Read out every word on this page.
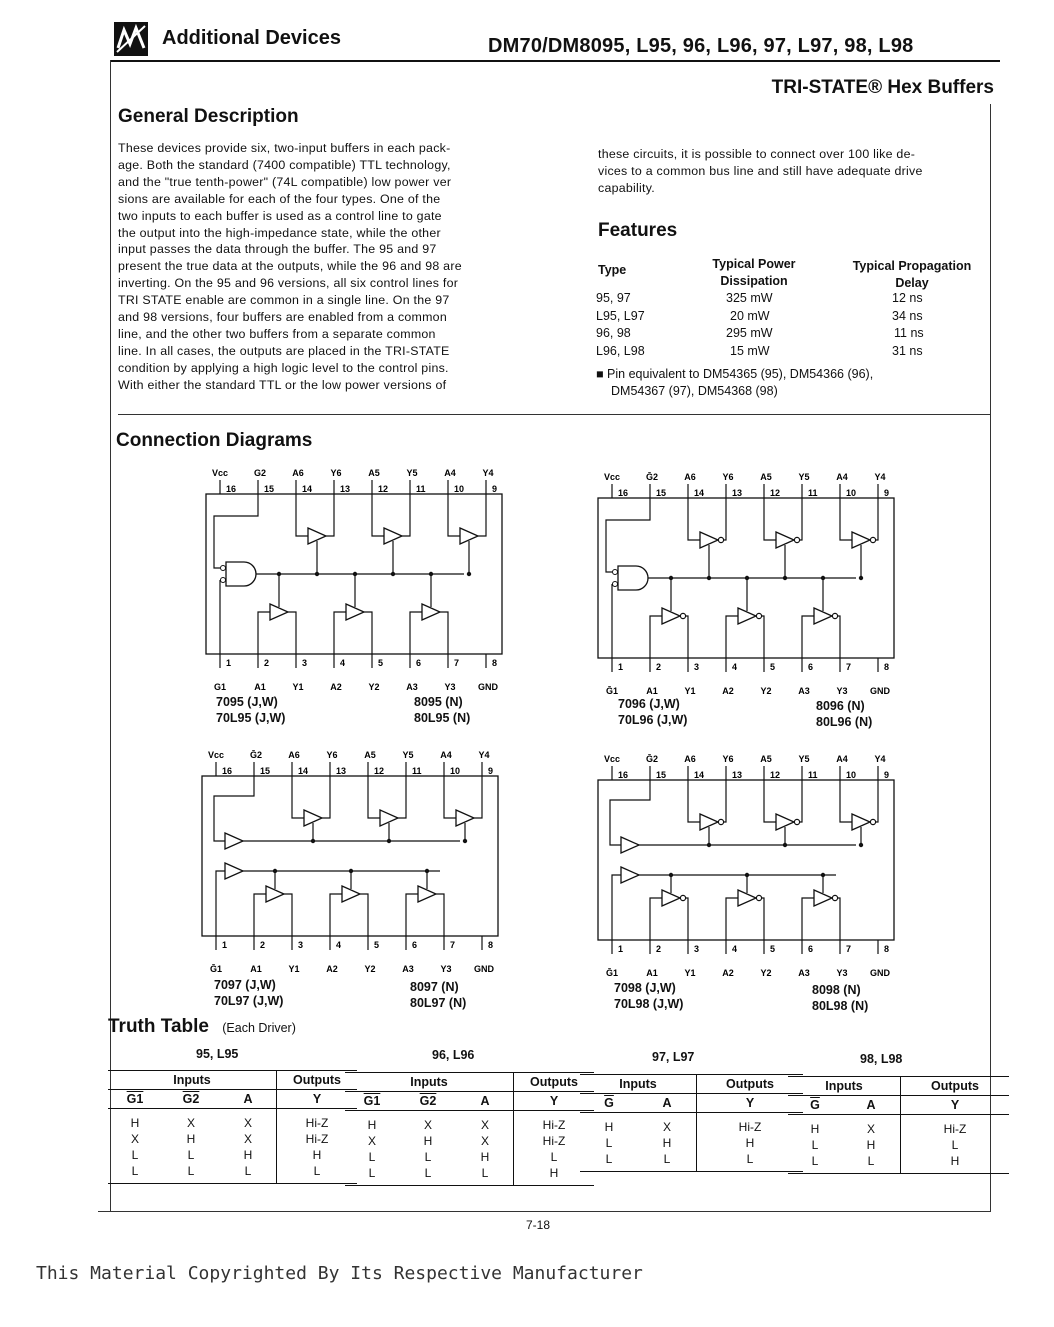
Additional Devices	DM70/DM8095, L95, 96, L96, 97, L97, 98, L98
TRI-STATE® Hex Buffers
General Description
These devices provide six, two-input buffers in each pack-
age. Both the standard (7400 compatible) TTL technology,
and the "true tenth-power" (74L compatible) low power ver
sions are available for each of the four types. One of the
two inputs to each buffer is used as a control line to gate
the output into the high-impedance state, while the other
input passes the data through the buffer. The 95 and 97
present the true data at the outputs, while the 96 and 98 are
inverting. On the 95 and 96 versions, all six control lines for
TRI STATE enable are common in a single line. On the 97
and 98 versions, four buffers are enabled from a common
line, and the other two buffers from a separate common
line. In all cases, the outputs are placed in the TRI-STATE
condition by applying a high logic level to the control pins.
With either the standard TTL or the low power versions of
these circuits, it is possible to connect over 100 like de-
vices to a common bus line and still have adequate drive
capability.
Features
Type	Typical Power
Dissipation
Typical Propagation
Delay
95, 97	325 mW	12 ns
L95, L97	20 mW	34 ns
96, 98	295 mW	11 ns
L96, L98	15 mW	31 ns
■ Pin equivalent to DM54365 (95), DM54366 (96),
DM54367 (97), DM54368 (98)
Connection Diagrams
Vcc
16
G2
15
A6
14
Y6
13
A5
12
Y5
11
A4
10
Y4
9
G1
1
A1
2
Y1
3
A2
4
Y2
5
A3
6
Y3
7
GND
8
Vcc
16
Ḡ2
15
A6
14
Y6
13
A5
12
Y5
11
A4
10
Y4
9
Ḡ1
1
A1
2
Y1
3
A2
4
Y2
5
A3
6
Y3
7
GND
8
Vcc
16
Ḡ2
15
A6
14
Y6
13
A5
12
Y5
11
A4
10
Y4
9
Ḡ1
1
A1
2
Y1
3
A2
4
Y2
5
A3
6
Y3
7
GND
8
Vcc
16
Ḡ2
15
A6
14
Y6
13
A5
12
Y5
11
A4
10
Y4
9
Ḡ1
1
A1
2
Y1
3
A2
4
Y2
5
A3
6
Y3
7
GND
8
7095 (J,W)
70L95 (J,W)
8095 (N)
80L95 (N)
7096 (J,W)
70L96 (J,W)
8096 (N)
80L96 (N)
7097 (J,W)
70L97 (J,W)
8097 (N)
80L97 (N)
7098 (J,W)
70L98 (J,W)
8098 (N)
80L98 (N)
Truth Table (Each Driver)
95, L95	96, L96	97, L97	98, L98
Inputs			Outputs
G1	G2	A	Y
H	X	X	Hi-Z
X	H	X	Hi-Z
L	L	H	H
L	L	L	L
Inputs			Outputs
G1	G2	A	Y
H	X	X	Hi-Z
X	H	X	Hi-Z
L	L	H	L
L	L	L	H
Inputs		Outputs
$\overline{G}$	A	Y
H	X	Hi-Z
L	H	H
L	L	L
Inputs		Outputs
$\overline{G}$	A	Y
H	X	Hi-Z
L	H	L
L	L	H
7-18
This Material Copyrighted By Its Respective Manufacturer
